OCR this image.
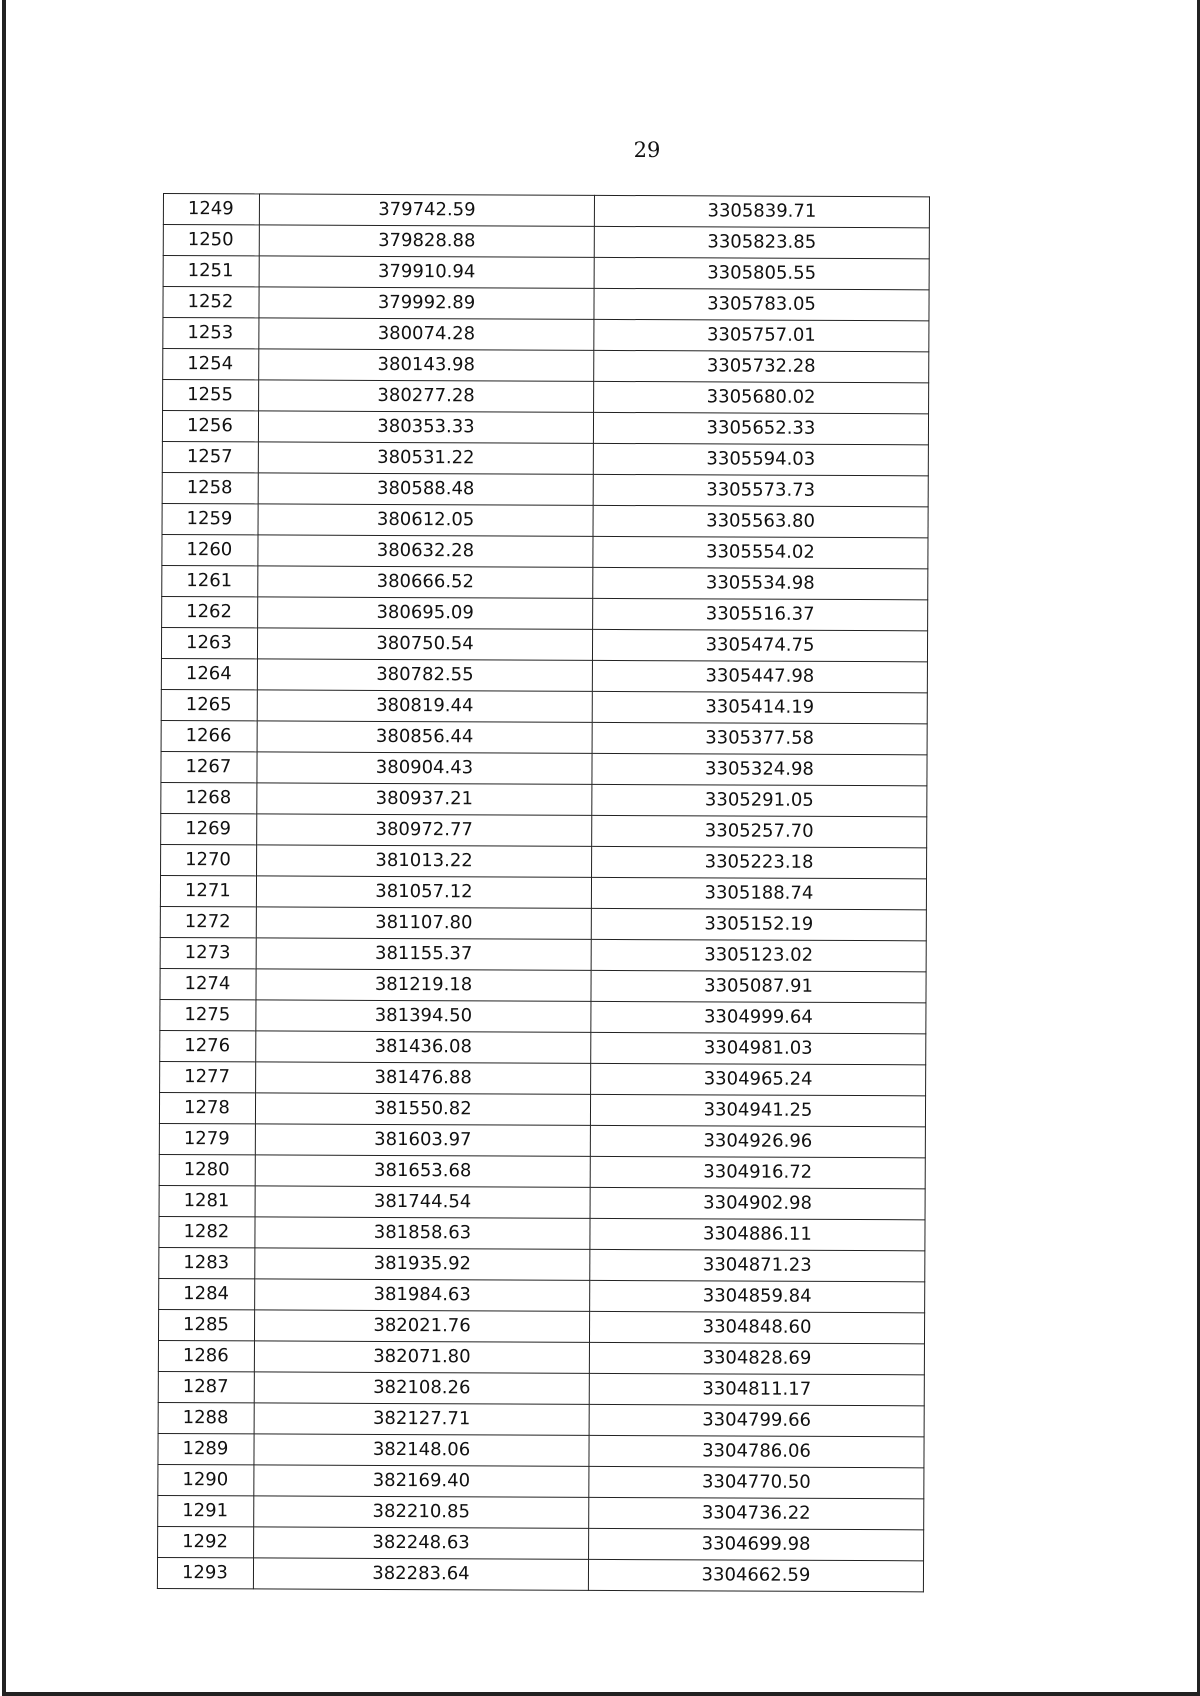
29
1249	379742.59	3305839.71
1250	379828.88	3305823.85
1251	379910.94	3305805.55
1252	379992.89	3305783.05
1253	380074.28	3305757.01
1254	380143.98	3305732.28
1255	380277.28	3305680.02
1256	380353.33	3305652.33
1257	380531.22	3305594.03
1258	380588.48	3305573.73
1259	380612.05	3305563.80
1260	380632.28	3305554.02
1261	380666.52	3305534.98
1262	380695.09	3305516.37
1263	380750.54	3305474.75
1264	380782.55	3305447.98
1265	380819.44	3305414.19
1266	380856.44	3305377.58
1267	380904.43	3305324.98
1268	380937.21	3305291.05
1269	380972.77	3305257.70
1270	381013.22	3305223.18
1271	381057.12	3305188.74
1272	381107.80	3305152.19
1273	381155.37	3305123.02
1274	381219.18	3305087.91
1275	381394.50	3304999.64
1276	381436.08	3304981.03
1277	381476.88	3304965.24
1278	381550.82	3304941.25
1279	381603.97	3304926.96
1280	381653.68	3304916.72
1281	381744.54	3304902.98
1282	381858.63	3304886.11
1283	381935.92	3304871.23
1284	381984.63	3304859.84
1285	382021.76	3304848.60
1286	382071.80	3304828.69
1287	382108.26	3304811.17
1288	382127.71	3304799.66
1289	382148.06	3304786.06
1290	382169.40	3304770.50
1291	382210.85	3304736.22
1292	382248.63	3304699.98
1293	382283.64	3304662.59
